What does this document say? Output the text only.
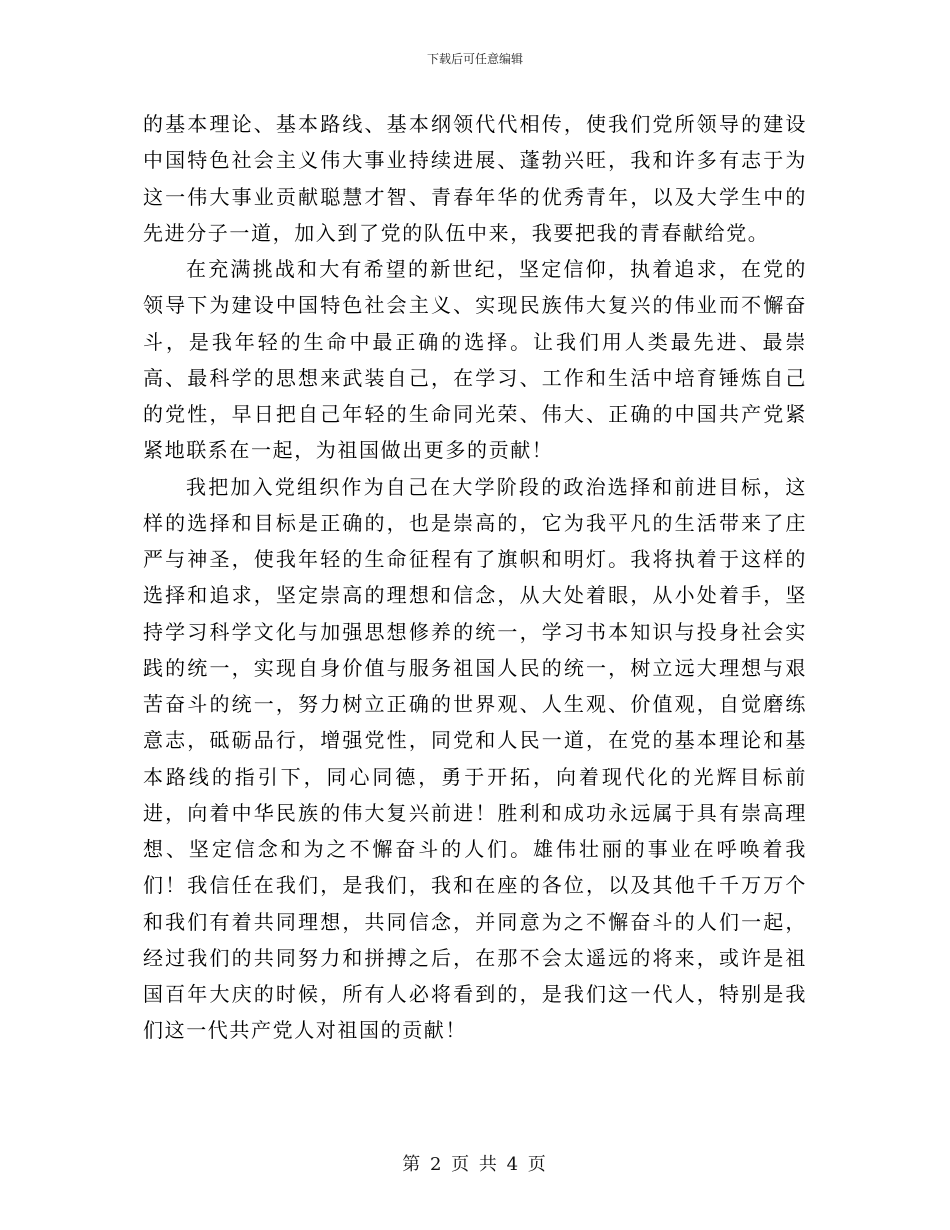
下载后可任意编辑

的基本理论、基本路线、基本纲领代代相传，使我们党所领导的建设中国特色社会主义伟大事业持续进展、蓬勃兴旺，我和许多有志于为这一伟大事业贡献聪慧才智、青春年华的优秀青年，以及大学生中的先进分子一道，加入到了党的队伍中来，我要把我的青春献给党。

在充满挑战和大有希望的新世纪，坚定信仰，执着追求，在党的领导下为建设中国特色社会主义、实现民族伟大复兴的伟业而不懈奋斗，是我年轻的生命中最正确的选择。让我们用人类最先进、最崇高、最科学的思想来武装自己，在学习、工作和生活中培育锤炼自己的党性，早日把自己年轻的生命同光荣、伟大、正确的中国共产党紧紧地联系在一起，为祖国做出更多的贡献！

我把加入党组织作为自己在大学阶段的政治选择和前进目标，这样的选择和目标是正确的，也是崇高的，它为我平凡的生活带来了庄严与神圣，使我年轻的生命征程有了旗帜和明灯。我将执着于这样的选择和追求，坚定崇高的理想和信念，从大处着眼，从小处着手，坚持学习科学文化与加强思想修养的统一，学习书本知识与投身社会实践的统一，实现自身价值与服务祖国人民的统一，树立远大理想与艰苦奋斗的统一，努力树立正确的世界观、人生观、价值观，自觉磨练意志，砥砺品行，增强党性，同党和人民一道，在党的基本理论和基本路线的指引下，同心同德，勇于开拓，向着现代化的光辉目标前进，向着中华民族的伟大复兴前进！胜利和成功永远属于具有崇高理想、坚定信念和为之不懈奋斗的人们。雄伟壮丽的事业在呼唤着我们！我信任在我们，是我们，我和在座的各位，以及其他千千万万个和我们有着共同理想，共同信念，并同意为之不懈奋斗的人们一起，经过我们的共同努力和拼搏之后，在那不会太遥远的将来，或许是祖国百年大庆的时候，所有人必将看到的，是我们这一代人，特别是我们这一代共产党人对祖国的贡献！

第 2 页 共 4 页
